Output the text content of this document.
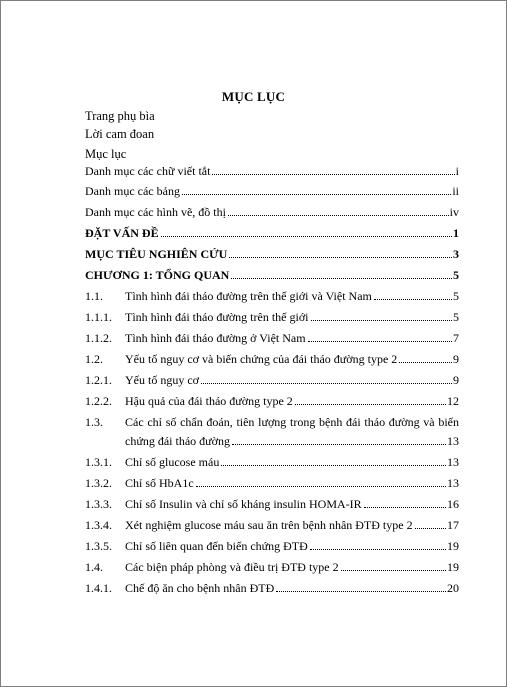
MỤC LỤC
Trang phụ bìa
Lời cam đoan
Mục lục
Danh mục các chữ viết tắt	i
Danh mục các bảng	ii
Danh mục các hình vẽ, đồ thị	iv
ĐẶT VẤN ĐỀ	1
MỤC TIÊU NGHIÊN CỨU	3
CHƯƠNG 1: TỔNG QUAN	5
1.1. Tình hình đái tháo đường trên thế giới và Việt Nam	5
1.1.1. Tình hình đái tháo đường trên thế giới	5
1.1.2. Tình hình đái tháo đường ở Việt Nam	7
1.2. Yếu tố nguy cơ và biến chứng của đái tháo đường type 2	9
1.2.1. Yếu tố nguy cơ	9
1.2.2. Hậu quả của đái tháo đường type 2	12
1.3. Các chỉ số chẩn đoán, tiên lượng trong bệnh đái tháo đường và biến
chứng đái tháo đường	13
1.3.1. Chỉ số glucose máu	13
1.3.2. Chỉ số HbA1c	13
1.3.3. Chỉ số Insulin và chỉ số kháng insulin HOMA-IR	16
1.3.4. Xét nghiệm glucose máu sau ăn trên bệnh nhân ĐTĐ type 2	17
1.3.5. Chỉ số liên quan đến biến chứng ĐTĐ	19
1.4. Các biện pháp phòng và điều trị ĐTĐ type 2	19
1.4.1. Chế độ ăn cho bệnh nhân ĐTĐ	20
